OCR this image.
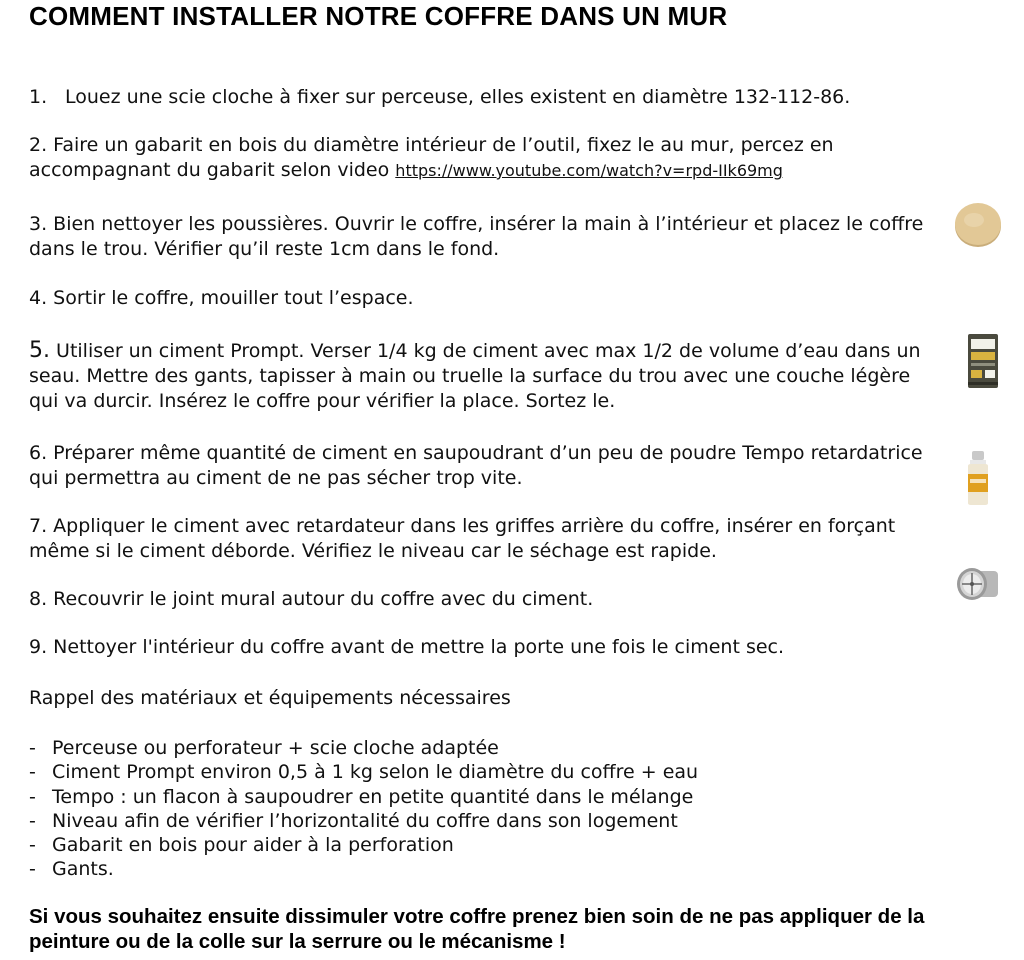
COMMENT INSTALLER NOTRE COFFRE DANS UN MUR

1. Louez une scie cloche à fixer sur perceuse, elles existent en diamètre 132-112-86.

2. Faire un gabarit en bois du diamètre intérieur de l’outil, fixez le au mur, percez en accompagnant du gabarit selon video https://www.youtube.com/watch?v=rpd-IIk69mg

3. Bien nettoyer les poussières. Ouvrir le coffre, insérer la main à l’intérieur et placez le coffre dans le trou. Vérifier qu’il reste 1cm dans le fond.

4. Sortir le coffre, mouiller tout l’espace.

5. Utiliser un ciment Prompt. Verser 1/4 kg de ciment avec max 1/2 de volume d’eau dans un seau. Mettre des gants, tapisser à main ou truelle la surface du trou avec une couche légère qui va durcir. Insérez le coffre pour vérifier la place. Sortez le.

6. Préparer même quantité de ciment en saupoudrant d’un peu de poudre Tempo retardatrice qui permettra au ciment de ne pas sécher trop vite.

7. Appliquer le ciment avec retardateur dans les griffes arrière du coffre, insérer en forçant même si le ciment déborde. Vérifiez le niveau car le séchage est rapide.

8. Recouvrir le joint mural autour du coffre avec du ciment.

9. Nettoyer l'intérieur du coffre avant de mettre la porte une fois le ciment sec.

Rappel des matériaux et équipements nécessaires

- Perceuse ou perforateur + scie cloche adaptée
- Ciment Prompt environ 0,5 à 1 kg selon le diamètre du coffre + eau
- Tempo : un flacon à saupoudrer en petite quantité dans le mélange
- Niveau afin de vérifier l’horizontalité du coffre dans son logement
- Gabarit en bois pour aider à la perforation
- Gants.

Si vous souhaitez ensuite dissimuler votre coffre prenez bien soin de ne pas appliquer de la peinture ou de la colle sur la serrure ou le mécanisme !
